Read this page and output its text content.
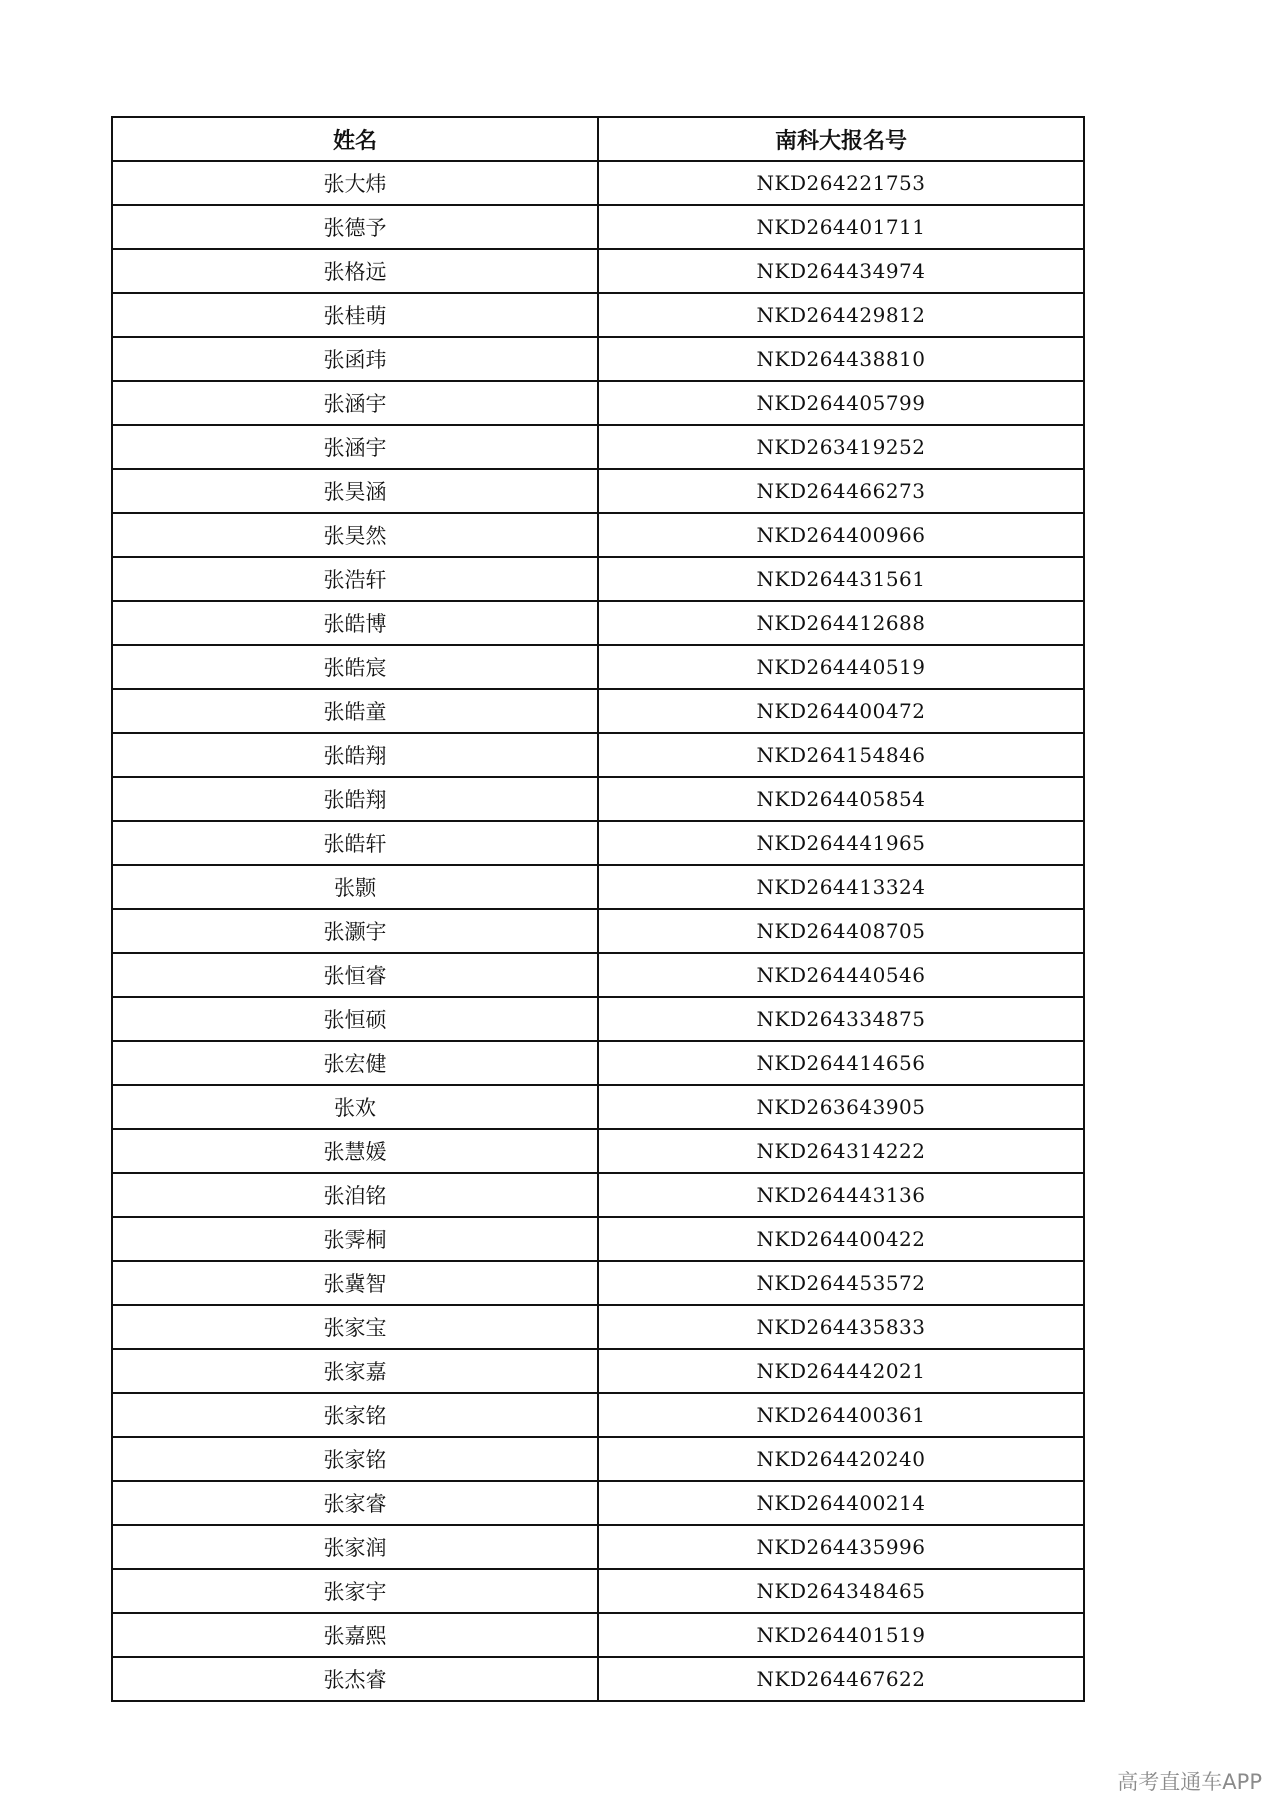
姓名	南科大报名号
张大炜	NKD264221753
张德予	NKD264401711
张格远	NKD264434974
张桂萌	NKD264429812
张函玮	NKD264438810
张涵宇	NKD264405799
张涵宇	NKD263419252
张昊涵	NKD264466273
张昊然	NKD264400966
张浩轩	NKD264431561
张皓博	NKD264412688
张皓宸	NKD264440519
张皓童	NKD264400472
张皓翔	NKD264154846
张皓翔	NKD264405854
张皓轩	NKD264441965
张颢	NKD264413324
张灏宇	NKD264408705
张恒睿	NKD264440546
张恒硕	NKD264334875
张宏健	NKD264414656
张欢	NKD263643905
张慧媛	NKD264314222
张洎铭	NKD264443136
张霁桐	NKD264400422
张冀智	NKD264453572
张家宝	NKD264435833
张家嘉	NKD264442021
张家铭	NKD264400361
张家铭	NKD264420240
张家睿	NKD264400214
张家润	NKD264435996
张家宇	NKD264348465
张嘉熙	NKD264401519
张杰睿	NKD264467622
高考直通车APP
